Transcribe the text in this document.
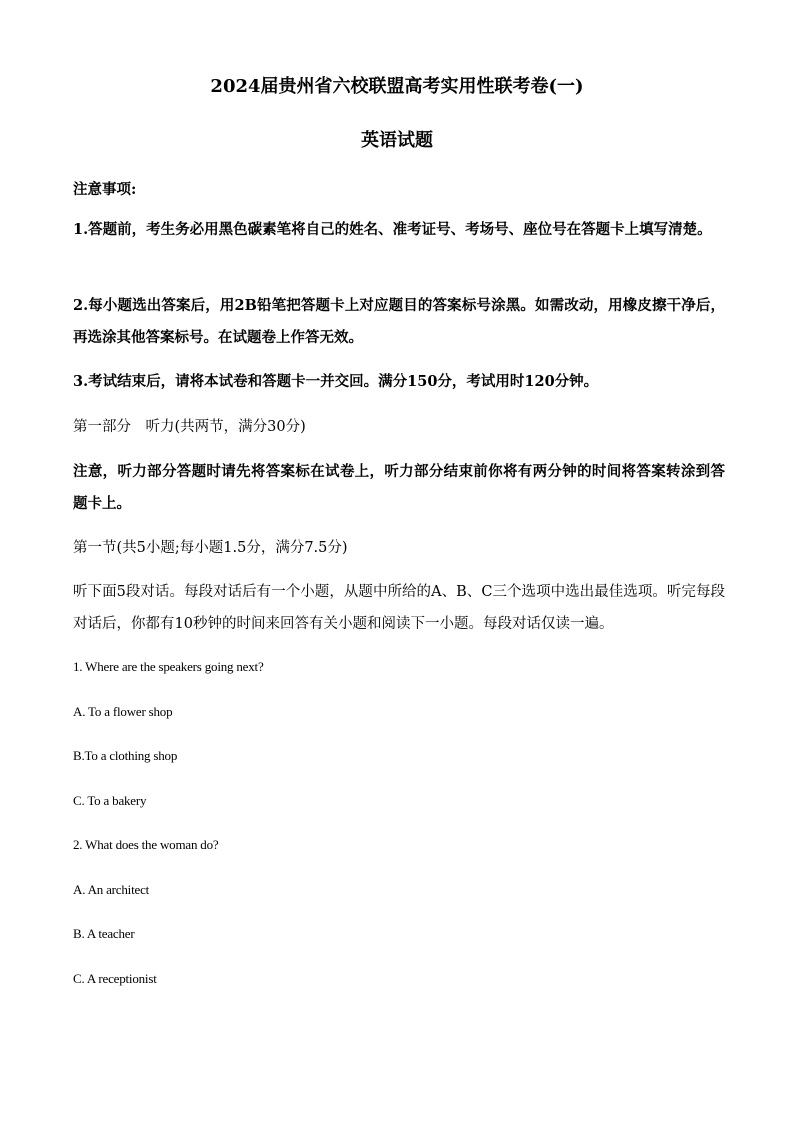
2024届贵州省六校联盟高考实用性联考卷(一)
英语试题

注意事项:

1.答题前，考生务必用黑色碳素笔将自己的姓名、准考证号、考场号、座位号在答题卡上填写清楚。

2.每小题选出答案后，用2B铅笔把答题卡上对应题目的答案标号涂黑。如需改动，用橡皮擦干净后，再选涂其他答案标号。在试题卷上作答无效。

3.考试结束后，请将本试卷和答题卡一并交回。满分150分，考试用时120分钟。

第一部分　听力(共两节，满分30分)

注意，听力部分答题时请先将答案标在试卷上，听力部分结束前你将有两分钟的时间将答案转涂到答题卡上。

第一节(共5小题;每小题1.5分，满分7.5分)

听下面5段对话。每段对话后有一个小题，从题中所给的A、B、C三个选项中选出最佳选项。听完每段对话后，你都有10秒钟的时间来回答有关小题和阅读下一小题。每段对话仅读一遍。

1. Where are the speakers going next?

A. To a flower shop

B.To a clothing shop

C. To a bakery

2. What does the woman do?

A. An architect

B. A teacher

C. A receptionist
